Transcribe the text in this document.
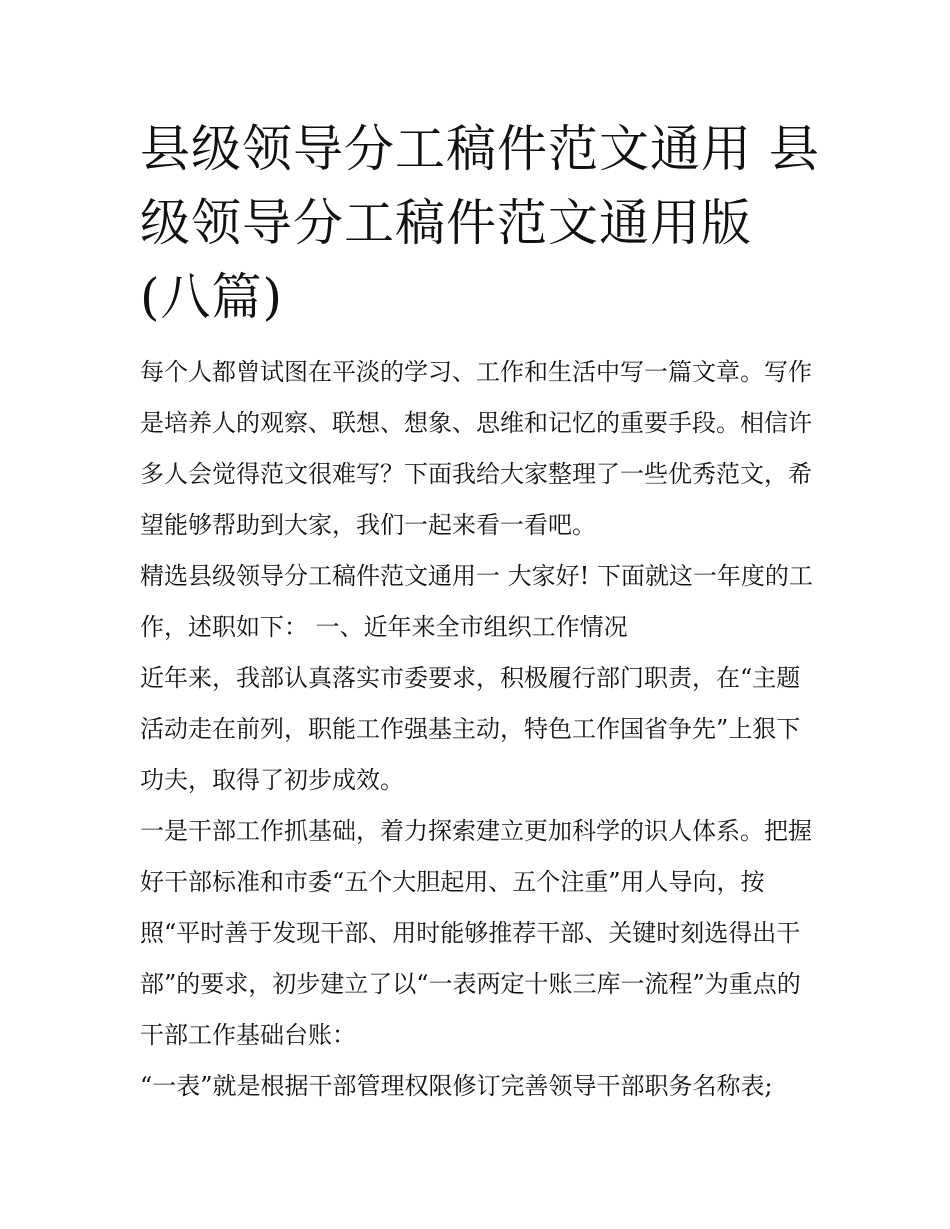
县级领导分工稿件范文通用 县级领导分工稿件范文通用版(八篇)

每个人都曾试图在平淡的学习、工作和生活中写一篇文章。写作是培养人的观察、联想、想象、思维和记忆的重要手段。相信许多人会觉得范文很难写？下面我给大家整理了一些优秀范文，希望能够帮助到大家，我们一起来看一看吧。

精选县级领导分工稿件范文通用一 大家好! 下面就这一年度的工作，述职如下： 一、近年来全市组织工作情况

近年来，我部认真落实市委要求，积极履行部门职责，在“主题活动走在前列，职能工作强基主动，特色工作国省争先”上狠下功夫，取得了初步成效。

一是干部工作抓基础，着力探索建立更加科学的识人体系。把握好干部标准和市委“五个大胆起用、五个注重”用人导向，按照“平时善于发现干部、用时能够推荐干部、关键时刻选得出干部”的要求，初步建立了以“一表两定十账三库一流程”为重点的干部工作基础台账：

“一表”就是根据干部管理权限修订完善领导干部职务名称表;
